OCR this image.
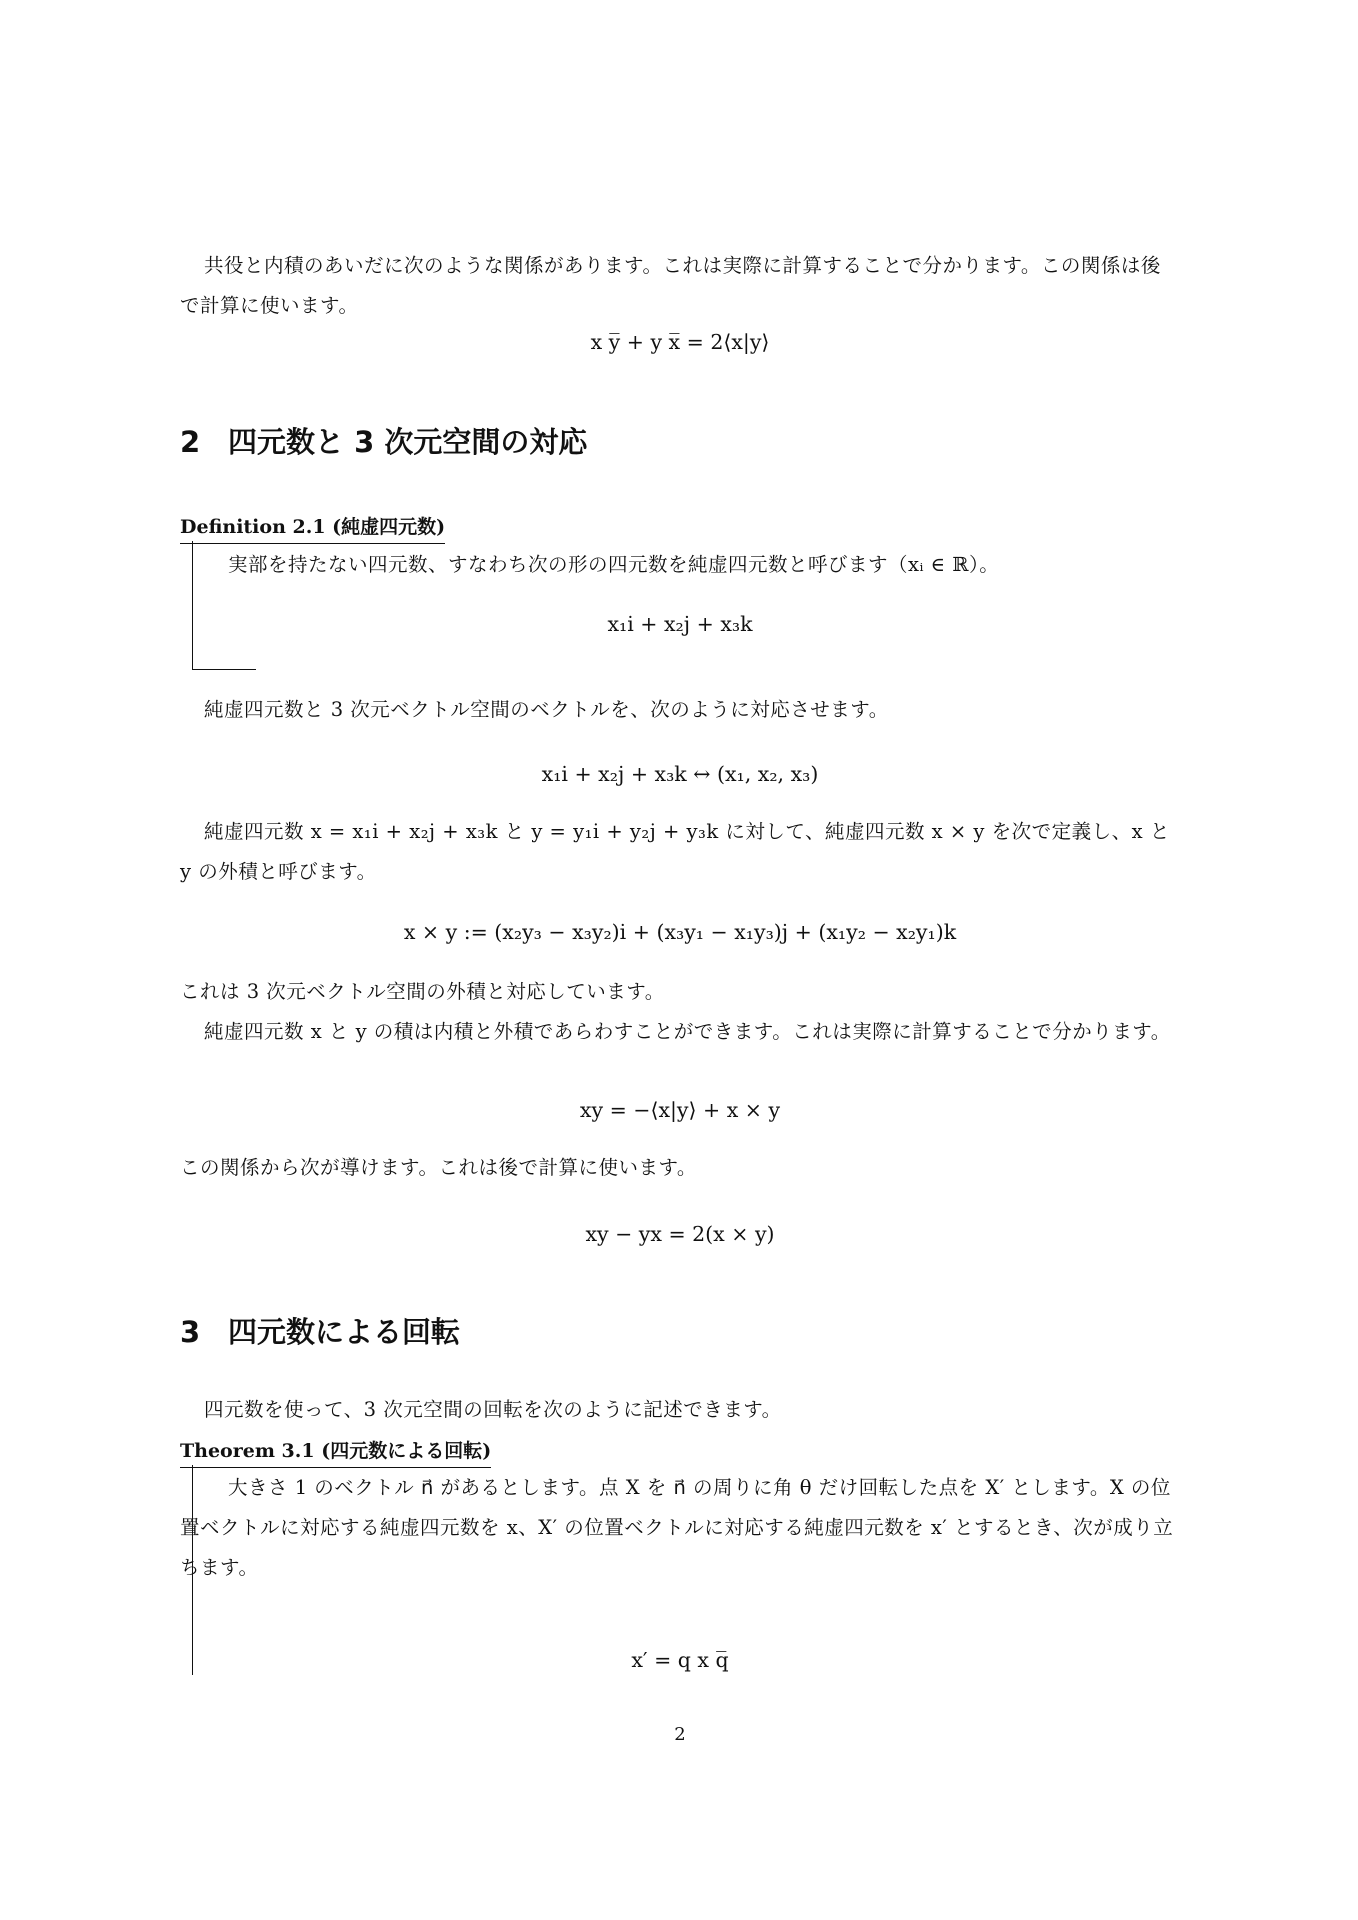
共役と内積のあいだに次のような関係があります。これは実際に計算することで分かります。この関係は後で計算に使います。
x y̅ + y x̅ = 2⟨x|y⟩
2 四元数と 3 次元空間の対応
Definition 2.1 (純虚四元数)
実部を持たない四元数、すなわち次の形の四元数を純虚四元数と呼びます（xᵢ ∈ ℝ）。
x₁i + x₂j + x₃k
純虚四元数と 3 次元ベクトル空間のベクトルを、次のように対応させます。
x₁i + x₂j + x₃k ↔ (x₁, x₂, x₃)
純虚四元数 x = x₁i + x₂j + x₃k と y = y₁i + y₂j + y₃k に対して、純虚四元数 x × y を次で定義し、x と y の外積と呼びます。
x × y := (x₂y₃ − x₃y₂)i + (x₃y₁ − x₁y₃)j + (x₁y₂ − x₂y₁)k
これは 3 次元ベクトル空間の外積と対応しています。
純虚四元数 x と y の積は内積と外積であらわすことができます。これは実際に計算することで分かります。
xy = −⟨x|y⟩ + x × y
この関係から次が導けます。これは後で計算に使います。
xy − yx = 2(x × y)
3 四元数による回転
四元数を使って、3 次元空間の回転を次のように記述できます。
Theorem 3.1 (四元数による回転)
大きさ 1 のベクトル n⃗ があるとします。点 X を n⃗ の周りに角 θ だけ回転した点を X′ とします。X の位置ベクトルに対応する純虚四元数を x、X′ の位置ベクトルに対応する純虚四元数を x′ とするとき、次が成り立ちます。
x′ = q x q̅
2
